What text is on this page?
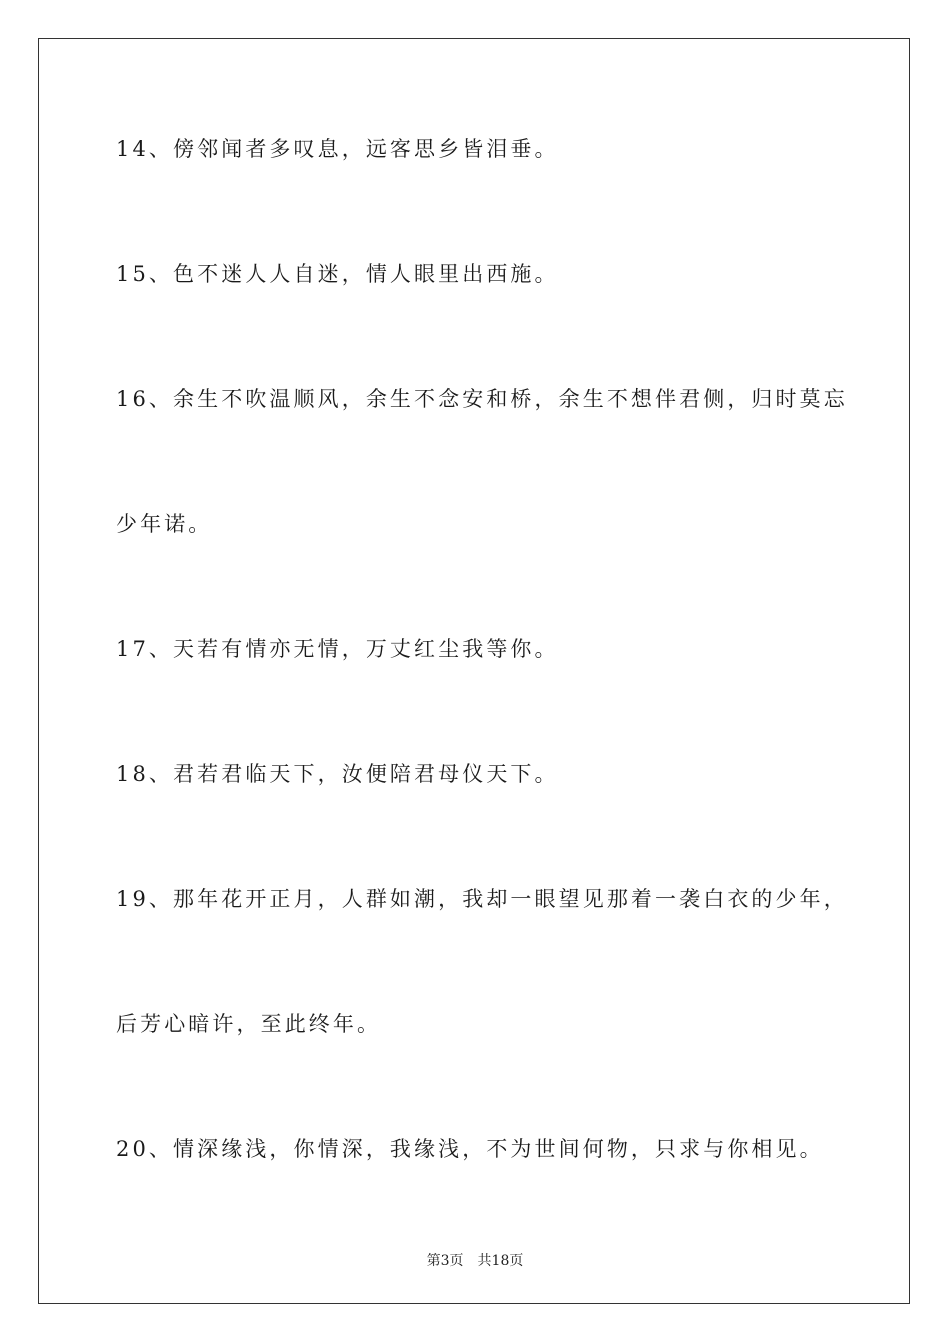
14、傍邻闻者多叹息，远客思乡皆泪垂。
15、色不迷人人自迷，情人眼里出西施。
16、余生不吹温顺风，余生不念安和桥，余生不想伴君侧，归时莫忘
少年诺。
17、天若有情亦无情，万丈红尘我等你。
18、君若君临天下，汝便陪君母仪天下。
19、那年花开正月，人群如潮，我却一眼望见那着一袭白衣的少年，
后芳心暗许，至此终年。
20、情深缘浅，你情深，我缘浅，不为世间何物，只求与你相见。
第3页 共18页
